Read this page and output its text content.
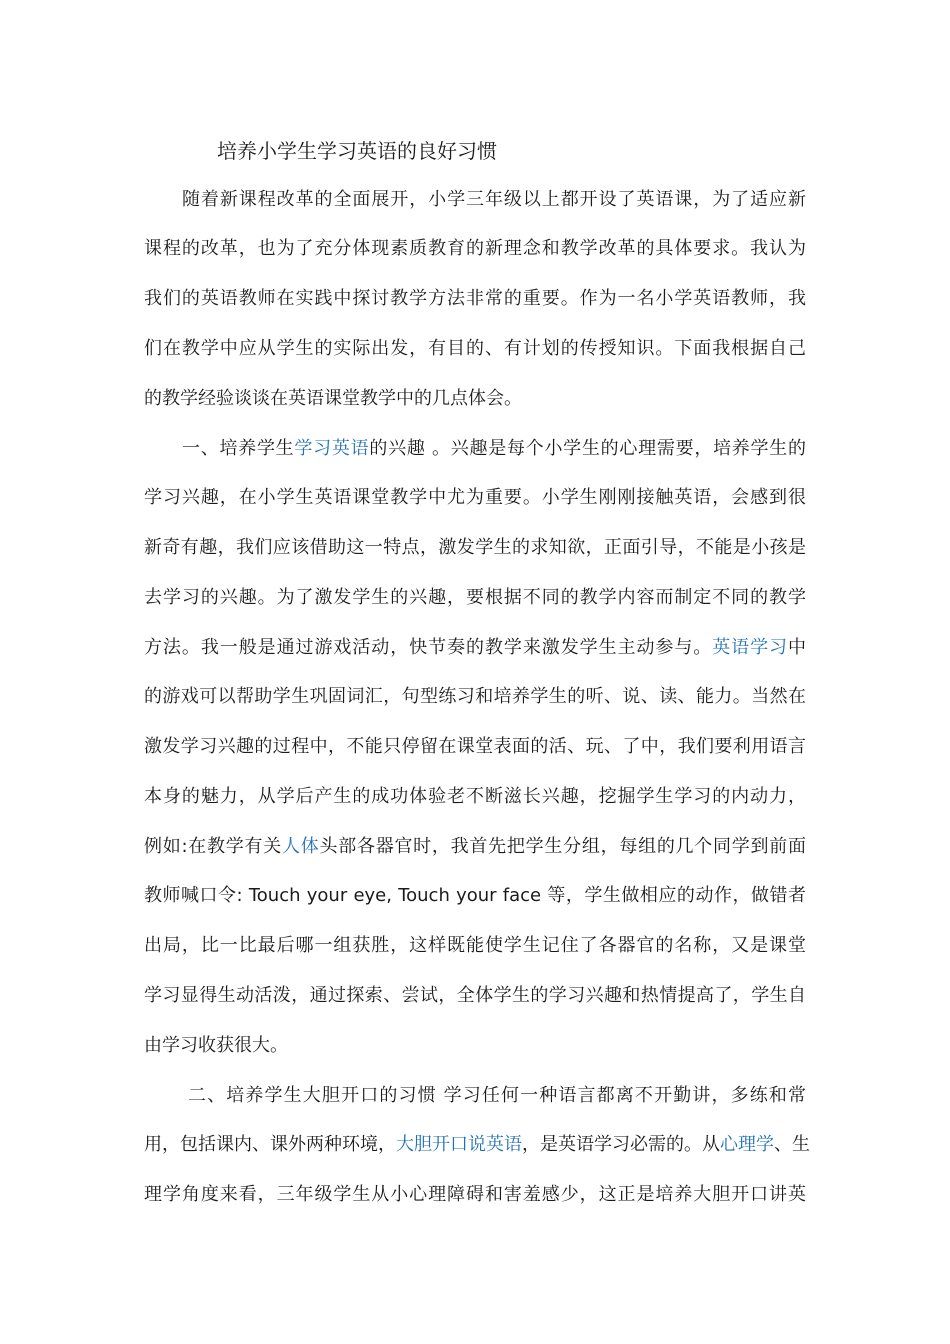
培养小学生学习英语的良好习惯
随着新课程改革的全面展开，小学三年级以上都开设了英语课，为了适应新
课程的改革，也为了充分体现素质教育的新理念和教学改革的具体要求。我认为
我们的英语教师在实践中探讨教学方法非常的重要。作为一名小学英语教师，我
们在教学中应从学生的实际出发，有目的、有计划的传授知识。下面我根据自己
的教学经验谈谈在英语课堂教学中的几点体会。
一、培养学生学习英语的兴趣 。兴趣是每个小学生的心理需要，培养学生的
学习兴趣，在小学生英语课堂教学中尤为重要。小学生刚刚接触英语，会感到很
新奇有趣，我们应该借助这一特点，激发学生的求知欲，正面引导，不能是小孩是
去学习的兴趣。为了激发学生的兴趣，要根据不同的教学内容而制定不同的教学
方法。我一般是通过游戏活动，快节奏的教学来激发学生主动参与。英语学习中
的游戏可以帮助学生巩固词汇，句型练习和培养学生的听、说、读、能力。当然在
激发学习兴趣的过程中，不能只停留在课堂表面的活、玩、了中，我们要利用语言
本身的魅力，从学后产生的成功体验老不断滋长兴趣，挖掘学生学习的内动力，
例如:在教学有关人体头部各器官时，我首先把学生分组，每组的几个同学到前面
教师喊口令: Touch your eye, Touch your face 等，学生做相应的动作，做错者
出局，比一比最后哪一组获胜，这样既能使学生记住了各器官的名称，又是课堂
学习显得生动活泼，通过探索、尝试，全体学生的学习兴趣和热情提高了，学生自
由学习收获很大。
二、培养学生大胆开口的习惯 学习任何一种语言都离不开勤讲，多练和常
用，包括课内、课外两种环境，大胆开口说英语，是英语学习必需的。从心理学、生
理学角度来看，三年级学生从小心理障碍和害羞感少，这正是培养大胆开口讲英
